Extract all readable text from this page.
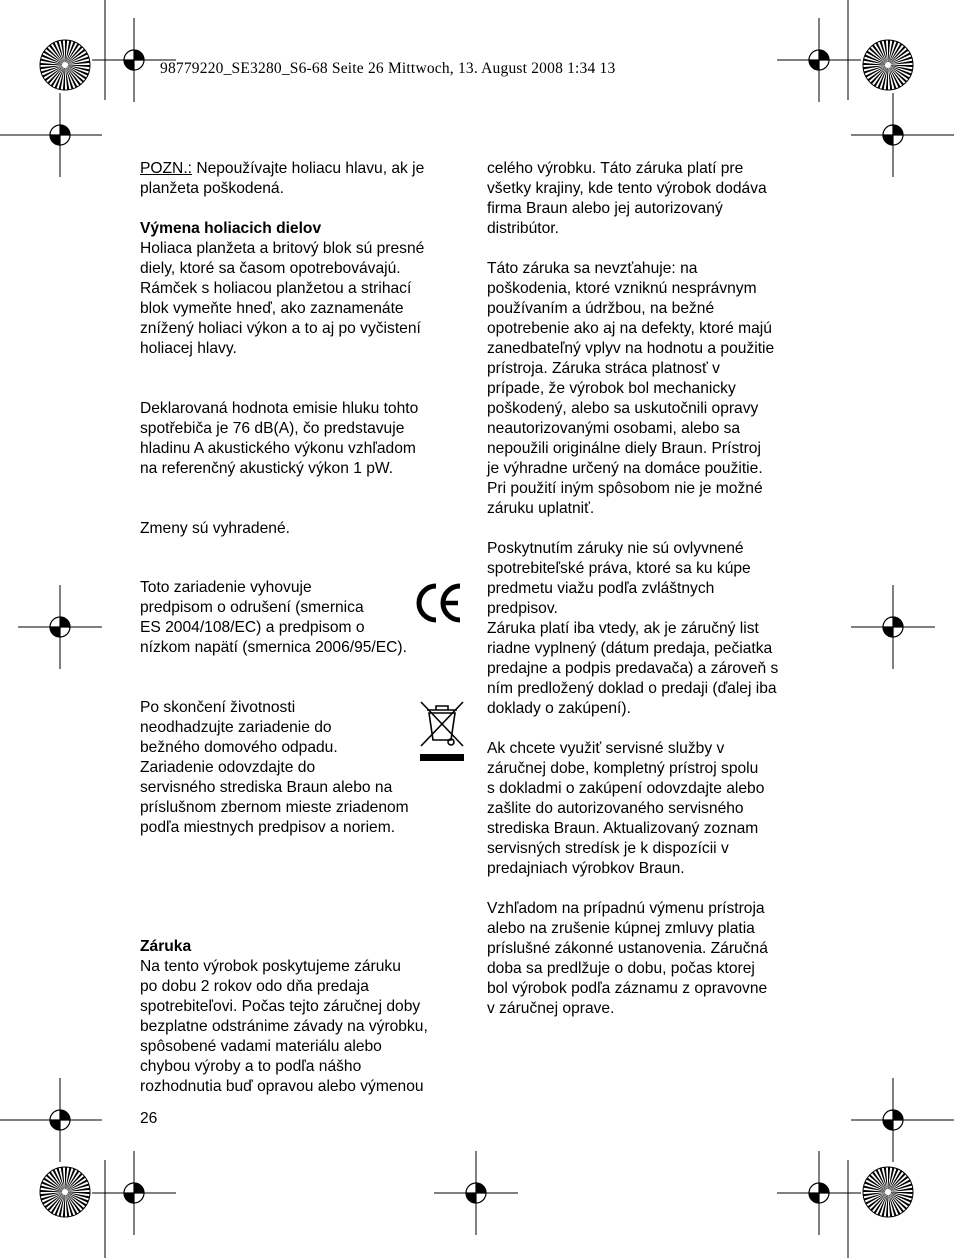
98779220_SE3280_S6-68 Seite 26 Mittwoch, 13. August 2008 1:34 13

POZN.: Nepoužívajte holiacu hlavu, ak je
planžeta poškodená.

Výmena holiacich dielov
Holiaca planžeta a britový blok sú presné
diely, ktoré sa časom opotrebovávajú.
Rámček s holiacou planžetou a strihací
blok vymeňte hneď, ako zaznamenáte
znížený holiaci výkon a to aj po vyčistení
holiacej hlavy.

Deklarovaná hodnota emisie hluku tohto
spotřebiča je 76 dB(A), čo predstavuje
hladinu A akustického výkonu vzhľadom
na referenčný akustický výkon 1 pW.

Zmeny sú vyhradené.

Toto zariadenie vyhovuje
predpisom o odrušení (smernica
ES 2004/108/EC) a predpisom o
nízkom napätí (smernica 2006/95/EC).

Po skončení životnosti
neodhadzujte zariadenie do
bežného domového odpadu.
Zariadenie odovzdajte do
servisného strediska Braun alebo na
príslušnom zbernom mieste zriadenom
podľa miestnych predpisov a noriem.

Záruka
Na tento výrobok poskytujeme záruku
po dobu 2 rokov odo dňa predaja
spotrebiteľovi. Počas tejto záručnej doby
bezplatne odstránime závady na výrobku,
spôsobené vadami materiálu alebo
chybou výroby a to podľa nášho
rozhodnutia buď opravou alebo výmenou

26

celého výrobku. Táto záruka platí pre
všetky krajiny, kde tento výrobok dodáva
firma Braun alebo jej autorizovaný
distribútor.

Táto záruka sa nevzťahuje: na
poškodenia, ktoré vzniknú nesprávnym
používaním a údržbou, na bežné
opotrebenie ako aj na defekty, ktoré majú
zanedbateľný vplyv na hodnotu a použitie
prístroja. Záruka stráca platnosť v
prípade, že výrobok bol mechanicky
poškodený, alebo sa uskutočnili opravy
neautorizovanými osobami, alebo sa
nepoužili originálne diely Braun. Prístroj
je výhradne určený na domáce použitie.
Pri použití iným spôsobom nie je možné
záruku uplatniť.

Poskytnutím záruky nie sú ovlyvnené
spotrebiteľské práva, ktoré sa ku kúpe
predmetu viažu podľa zvláštnych
predpisov.
Záruka platí iba vtedy, ak je záručný list
riadne vyplnený (dátum predaja, pečiatka
predajne a podpis predavača) a zároveň s
ním predložený doklad o predaji (ďalej iba
doklady o zakúpení).

Ak chcete využiť servisné služby v
záručnej dobe, kompletný prístroj spolu
s dokladmi o zakúpení odovzdajte alebo
zašlite do autorizovaného servisného
strediska Braun. Aktualizovaný zoznam
servisných stredísk je k dispozícii v
predajniach výrobkov Braun.

Vzhľadom na prípadnú výmenu prístroja
alebo na zrušenie kúpnej zmluvy platia
príslušné zákonné ustanovenia. Záručná
doba sa predlžuje o dobu, počas ktorej
bol výrobok podľa záznamu z opravovne
v záručnej oprave.
